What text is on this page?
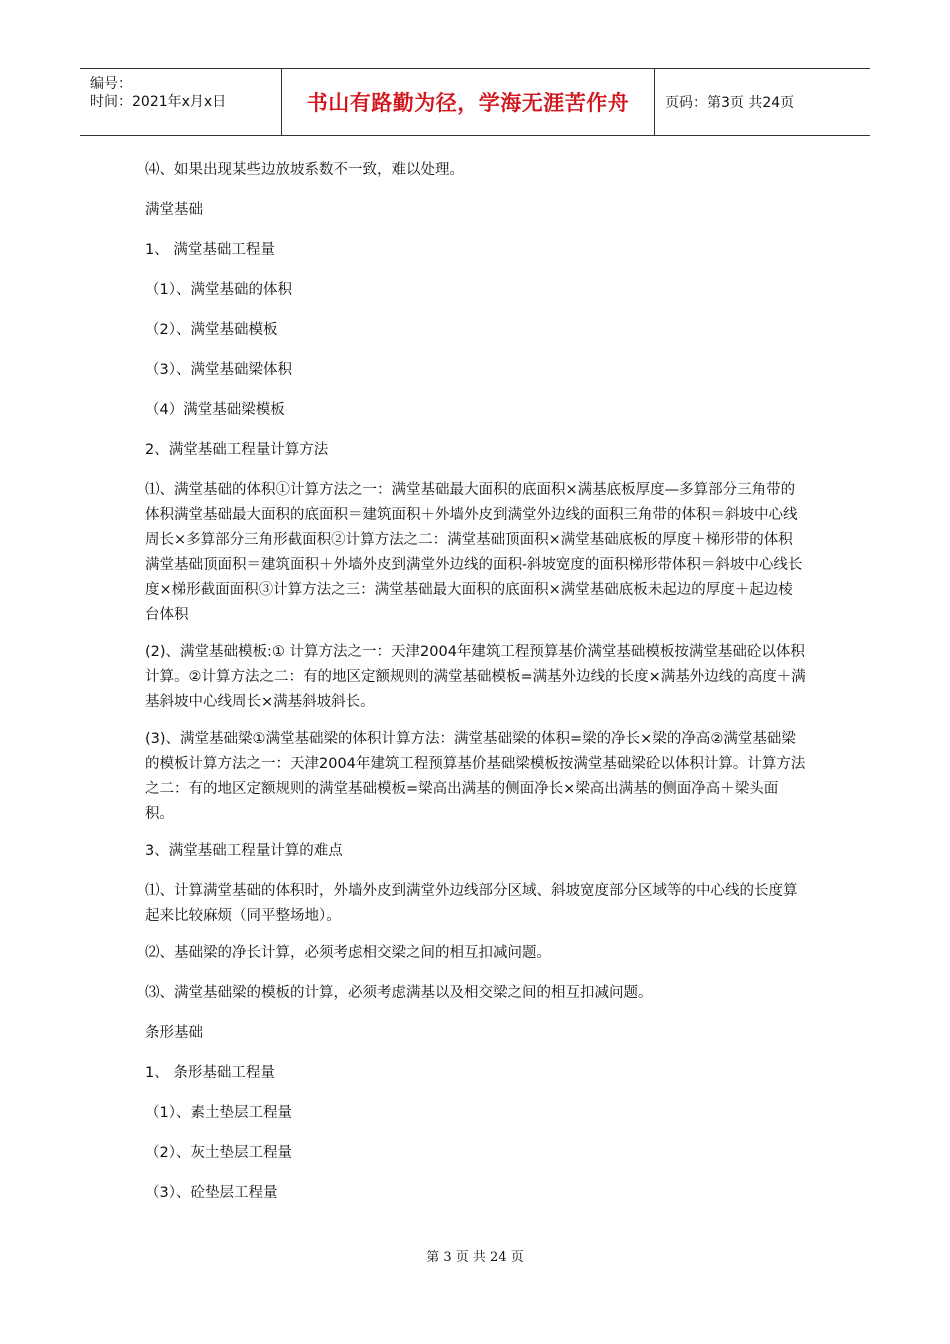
编号：
时间：2021年x月x日	书山有路勤为径，学海无涯苦作舟	页码：第3页 共24页

⑷、如果出现某些边放坡系数不一致，难以处理。

满堂基础

1、 满堂基础工程量

（1）、满堂基础的体积

（2）、满堂基础模板

（3）、满堂基础梁体积

（4）满堂基础梁模板

2、满堂基础工程量计算方法

⑴、满堂基础的体积①计算方法之一：满堂基础最大面积的底面积×满基底板厚度—多算部分三角带的体积满堂基础最大面积的底面积＝建筑面积＋外墙外皮到满堂外边线的面积三角带的体积＝斜坡中心线周长×多算部分三角形截面积②计算方法之二：满堂基础顶面积×满堂基础底板的厚度＋梯形带的体积满堂基础顶面积＝建筑面积＋外墙外皮到满堂外边线的面积-斜坡宽度的面积梯形带体积＝斜坡中心线长度×梯形截面面积③计算方法之三：满堂基础最大面积的底面积×满堂基础底板未起边的厚度＋起边棱台体积

(2)、满堂基础模板:① 计算方法之一：天津2004年建筑工程预算基价满堂基础模板按满堂基础砼以体积计算。②计算方法之二：有的地区定额规则的满堂基础模板=满基外边线的长度×满基外边线的高度＋满基斜坡中心线周长×满基斜坡斜长。

(3)、满堂基础梁①满堂基础梁的体积计算方法：满堂基础梁的体积=梁的净长×梁的净高②满堂基础梁的模板计算方法之一：天津2004年建筑工程预算基价基础梁模板按满堂基础梁砼以体积计算。计算方法之二：有的地区定额规则的满堂基础模板=梁高出满基的侧面净长×梁高出满基的侧面净高＋梁头面积。

3、满堂基础工程量计算的难点

⑴、计算满堂基础的体积时，外墙外皮到满堂外边线部分区域、斜坡宽度部分区域等的中心线的长度算起来比较麻烦（同平整场地）。

⑵、基础梁的净长计算，必须考虑相交梁之间的相互扣减问题。

⑶、满堂基础梁的模板的计算，必须考虑满基以及相交梁之间的相互扣减问题。

条形基础

1、 条形基础工程量

（1）、素土垫层工程量

（2）、灰土垫层工程量

（3）、砼垫层工程量

第 3 页 共 24 页
